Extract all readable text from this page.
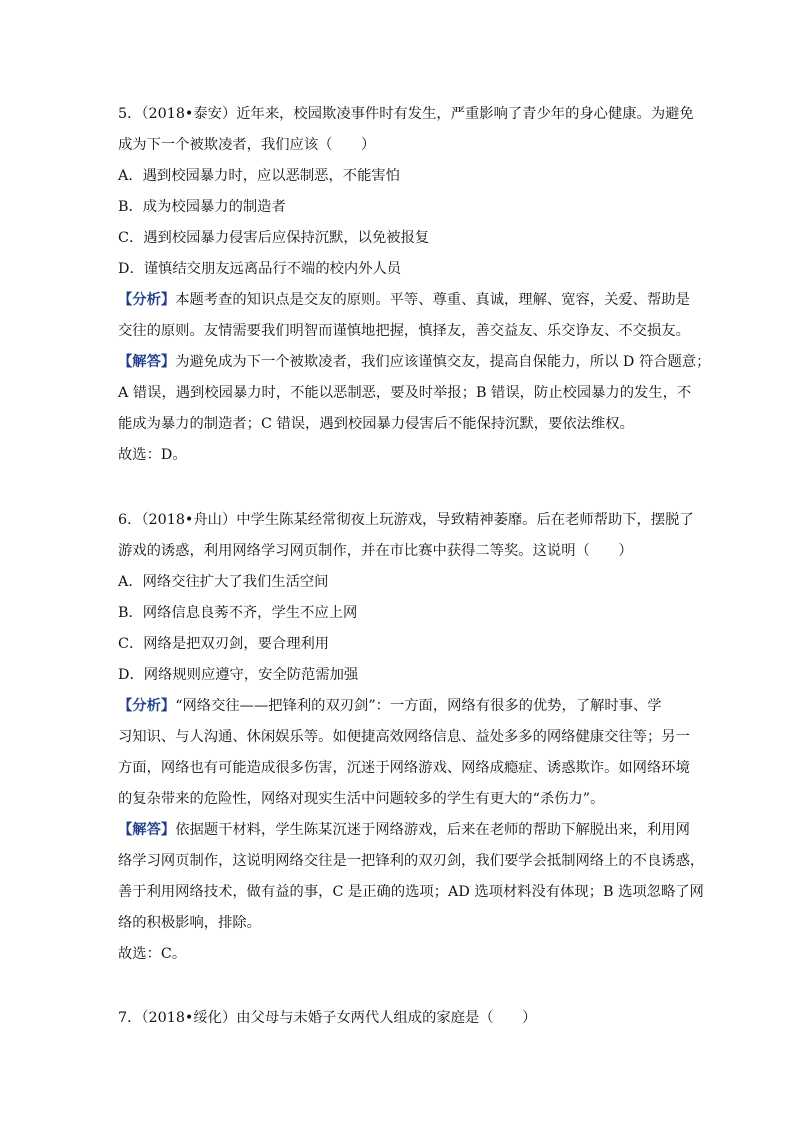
5．（2018•泰安）近年来，校园欺凌事件时有发生，严重影响了青少年的身心健康。为避免
成为下一个被欺凌者，我们应该（　　）
A．遇到校园暴力时，应以恶制恶，不能害怕
B．成为校园暴力的制造者
C．遇到校园暴力侵害后应保持沉默，以免被报复
D．谨慎结交朋友远离品行不端的校内外人员
【分析】本题考查的知识点是交友的原则。平等、尊重、真诚，理解、宽容，关爱、帮助是
交往的原则。友情需要我们明智而谨慎地把握，慎择友，善交益友、乐交诤友、不交损友。
【解答】为避免成为下一个被欺凌者，我们应该谨慎交友，提高自保能力，所以 D 符合题意；
A 错误，遇到校园暴力时，不能以恶制恶，要及时举报；B 错误，防止校园暴力的发生，不
能成为暴力的制造者；C 错误，遇到校园暴力侵害后不能保持沉默，要依法维权。
故选：D。
6．（2018•舟山）中学生陈某经常彻夜上玩游戏，导致精神萎靡。后在老师帮助下，摆脱了
游戏的诱惑，利用网络学习网页制作，并在市比赛中获得二等奖。这说明（　　）
A．网络交往扩大了我们生活空间
B．网络信息良莠不齐，学生不应上网
C．网络是把双刃剑，要合理利用
D．网络规则应遵守，安全防范需加强
【分析】“网络交往——把锋利的双刃剑”：一方面，网络有很多的优势，了解时事、学
习知识、与人沟通、休闲娱乐等。如便捷高效网络信息、益处多多的网络健康交往等；另一
方面，网络也有可能造成很多伤害，沉迷于网络游戏、网络成瘾症、诱惑欺诈。如网络环境
的复杂带来的危险性，网络对现实生活中问题较多的学生有更大的“杀伤力”。
【解答】依据题干材料，学生陈某沉迷于网络游戏，后来在老师的帮助下解脱出来，利用网
络学习网页制作，这说明网络交往是一把锋利的双刃剑，我们要学会抵制网络上的不良诱惑，
善于利用网络技术，做有益的事，C 是正确的选项；AD 选项材料没有体现；B 选项忽略了网
络的积极影响，排除。
故选：C。
7．（2018•绥化）由父母与未婚子女两代人组成的家庭是（　　）
